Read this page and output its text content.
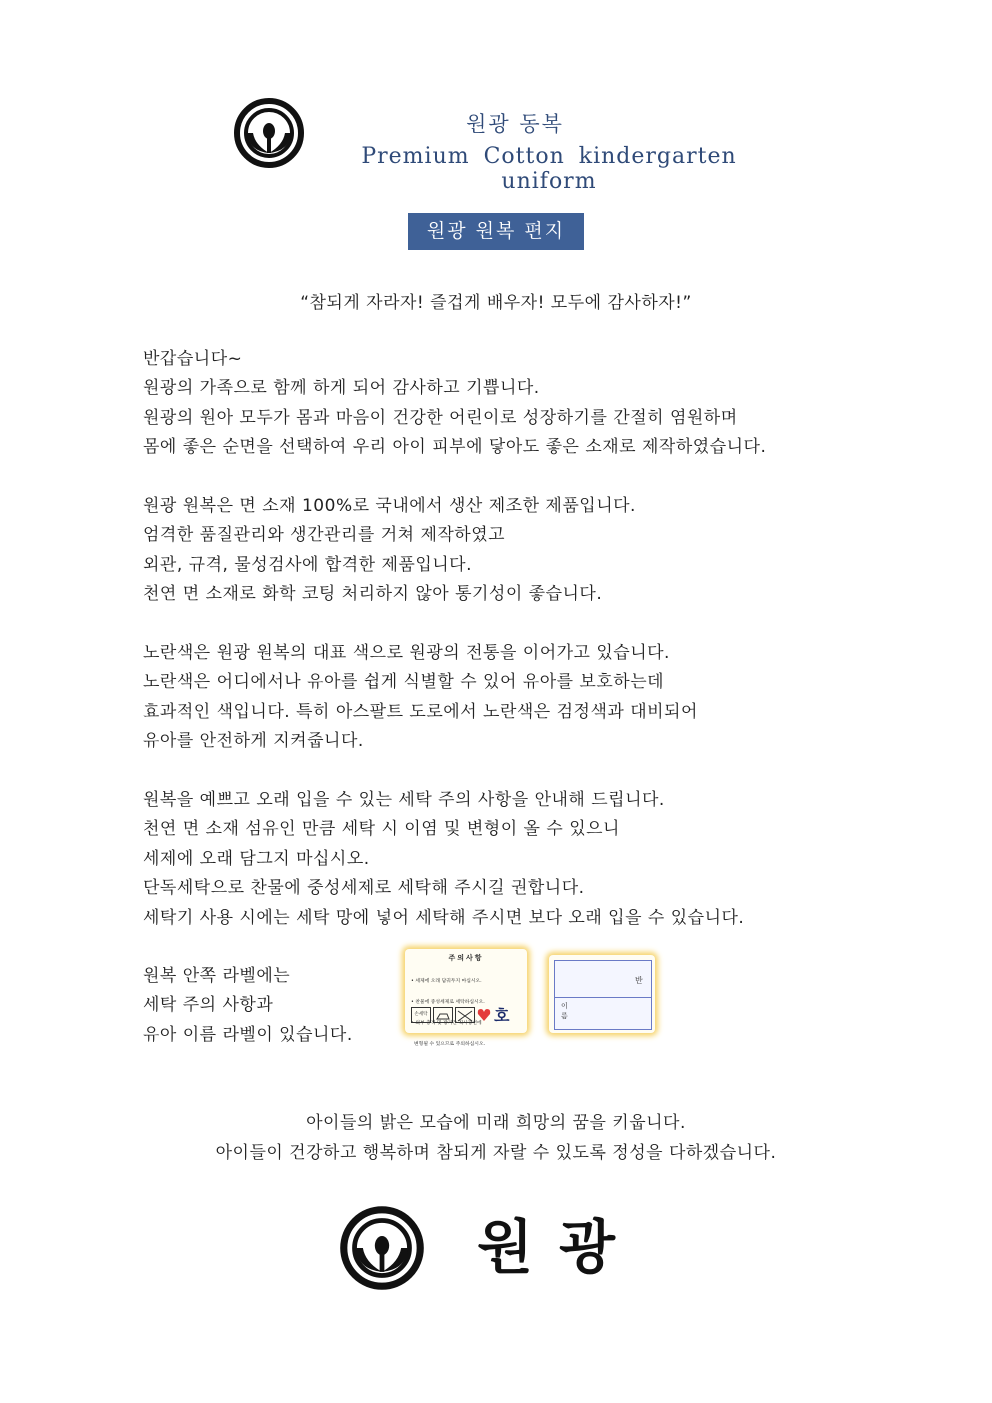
원광 동복
Premium Cotton kindergarten uniform
원광 원복 편지
“참되게 자라자! 즐겁게 배우자! 모두에 감사하자!”
반갑습니다~
원광의 가족으로 함께 하게 되어 감사하고 기쁩니다.
원광의 원아 모두가 몸과 마음이 건강한 어린이로 성장하기를 간절히 염원하며
몸에 좋은 순면을 선택하여 우리 아이 피부에 닿아도 좋은 소재로 제작하였습니다.
원광 원복은 면 소재 100%로 국내에서 생산 제조한 제품입니다.
엄격한 품질관리와 생간관리를 거쳐 제작하였고
외관, 규격, 물성검사에 합격한 제품입니다.
천연 면 소재로 화학 코팅 처리하지 않아 통기성이 좋습니다.
노란색은 원광 원복의 대표 색으로 원광의 전통을 이어가고 있습니다.
노란색은 어디에서나 유아를 쉽게 식별할 수 있어 유아를 보호하는데
효과적인 색입니다. 특히 아스팔트 도로에서 노란색은 검정색과 대비되어
유아를 안전하게 지켜줍니다.
원복을 예쁘고 오래 입을 수 있는 세탁 주의 사항을 안내해 드립니다.
천연 면 소재 섬유인 만큼 세탁 시 이염 및 변형이 올 수 있으니
세제에 오래 담그지 마십시오.
단독세탁으로 찬물에 중성세제로 세탁해 주시길 권합니다.
세탁기 사용 시에는 세탁 망에 넣어 세탁해 주시면 보다 오래 입을 수 있습니다.
원복 안쪽 라벨에는
세탁 주의 사항과
유아 이름 라벨이 있습니다.
주의사항

• 세제에 오래 담궈두지 마십시오.

• 찬물에 중성세제로 세탁하십시오.

• 외부 충격 및 장기간 직사광선에

변형될 수 있으므로 주의하십시오.

손세탁	호
반
이름
아이들의 밝은 모습에 미래 희망의 꿈을 키웁니다.
아이들이 건강하고 행복하며 참되게 자랄 수 있도록 정성을 다하겠습니다.
원광
